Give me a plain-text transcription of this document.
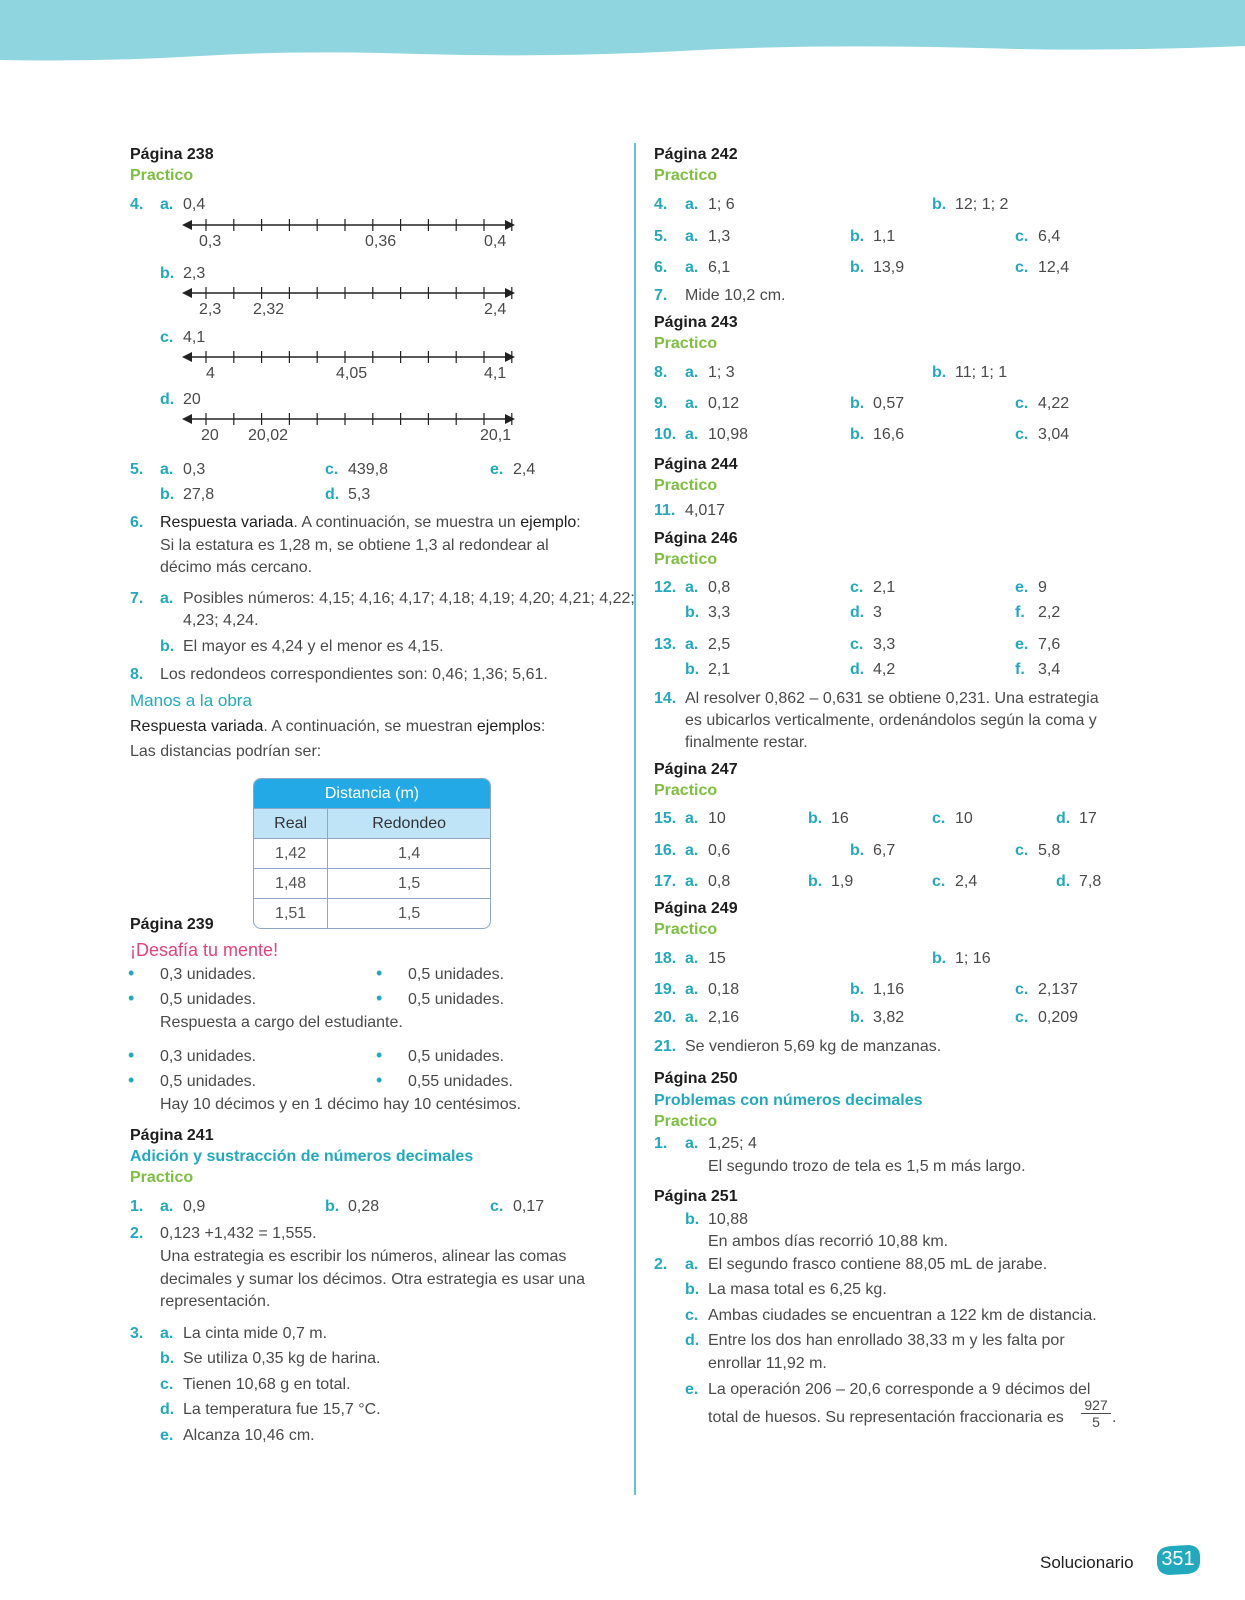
Página 238
Practico
4. a. 0,4
0,3	0,36	0,4
b. 2,3
2,3 2,32	2,4
c. 4,1
4	4,05	4,1
d. 20
20 20,02	20,1
5. a. 0,3	c. 439,8	e. 2,4
b. 27,8	d. 5,3
6. Respuesta variada. A continuación, se muestra un ejemplo:
Si la estatura es 1,28 m, se obtiene 1,3 al redondear al
décimo más cercano.
7. a. Posibles números: 4,15; 4,16; 4,17; 4,18; 4,19; 4,20; 4,21; 4,22;
4,23; 4,24.
b. El mayor es 4,24 y el menor es 4,15.
8. Los redondeos correspondientes son: 0,46; 1,36; 5,61.
Manos a la obra
Respuesta variada. A continuación, se muestran ejemplos:
Las distancias podrían ser:
Distancia (m)	
Real	Redondeo
1,42	1,4
1,48	1,5
1,51	1,5
Página 239
¡Desafía tu mente!
• 0,3 unidades.	• 0,5 unidades.
• 0,5 unidades.	• 0,5 unidades.
Respuesta a cargo del estudiante.
• 0,3 unidades.	• 0,5 unidades.
• 0,5 unidades.	• 0,55 unidades.
Hay 10 décimos y en 1 décimo hay 10 centésimos.
Página 241
Adición y sustracción de números decimales
Practico
1. a. 0,9	b. 0,28	c. 0,17
2. 0,123 +1,432 = 1,555.
Una estrategia es escribir los números, alinear las comas
decimales y sumar los décimos. Otra estrategia es usar una
representación.
3. a. La cinta mide 0,7 m.
b. Se utiliza 0,35 kg de harina.
c. Tienen 10,68 g en total.
d. La temperatura fue 15,7 °C.
e. Alcanza 10,46 cm.
Página 242
Practico
4. a. 1; 6	b. 12; 1; 2
5. a. 1,3	b. 1,1	c. 6,4
6. a. 6,1	b. 13,9	c. 12,4
7. Mide 10,2 cm.
Página 243
Practico
8. a. 1; 3	b. 11; 1; 1
9. a. 0,12	b. 0,57	c. 4,22
10. a. 10,98	b. 16,6	c. 3,04
Página 244
Practico
11. 4,017
Página 246
Practico
12. a. 0,8	c. 2,1	e. 9
b. 3,3	d. 3	f. 2,2
13. a. 2,5	c. 3,3	e. 7,6
b. 2,1	d. 4,2	f. 3,4
14. Al resolver 0,862 – 0,631 se obtiene 0,231. Una estrategia
es ubicarlos verticalmente, ordenándolos según la coma y
finalmente restar.
Página 247
Practico
15. a. 10	b. 16	c. 10	d. 17
16. a. 0,6	b. 6,7	c. 5,8
17. a. 0,8	b. 1,9	c. 2,4	d. 7,8
Página 249
Practico
18. a. 15	b. 1; 16
19. a. 0,18	b. 1,16	c. 2,137
20. a. 2,16	b. 3,82	c. 0,209
21. Se vendieron 5,69 kg de manzanas.
Página 250
Problemas con números decimales
Practico
1. a. 1,25; 4
El segundo trozo de tela es 1,5 m más largo.
Página 251
b. 10,88
En ambos días recorrió 10,88 km.
2. a. El segundo frasco contiene 88,05 mL de jarabe.
b. La masa total es 6,25 kg.
c. Ambas ciudades se encuentran a 122 km de distancia.
d. Entre los dos han enrollado 38,33 m y les falta por
enrollar 11,92 m.
e. La operación 206 – 20,6 corresponde a 9 décimos del
total de huesos. Su representación fraccionaria es $\frac{927}{5}$ .
Solucionario	351
